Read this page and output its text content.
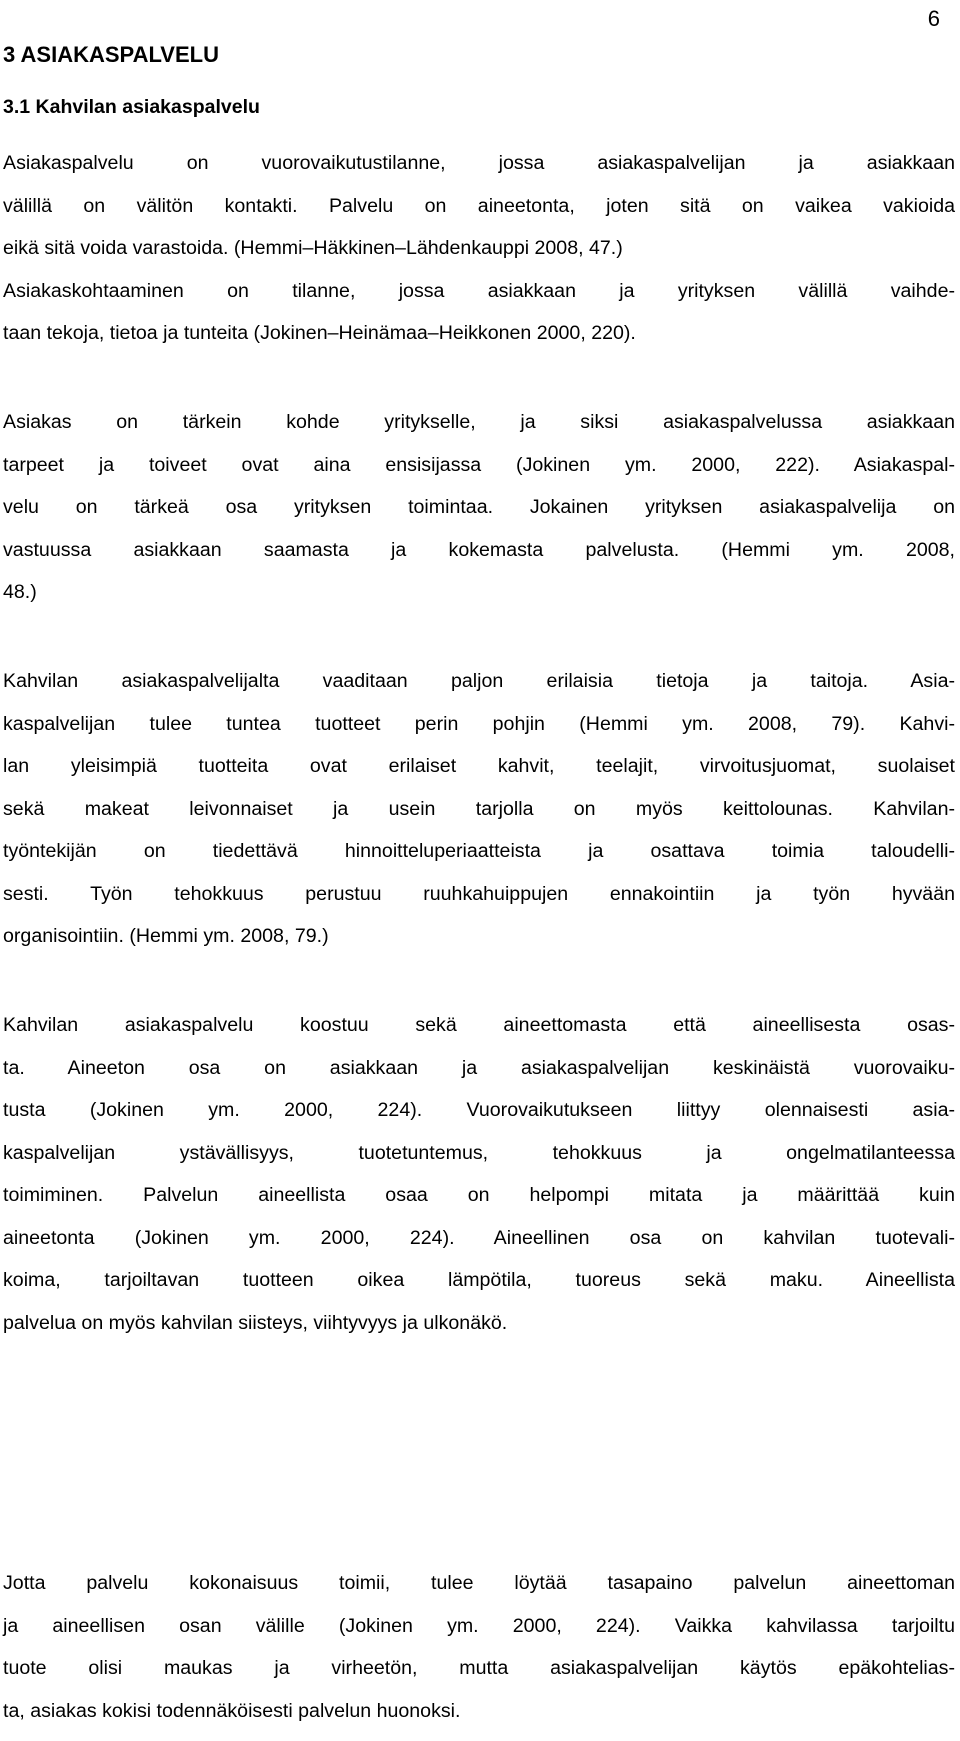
6
3 ASIAKASPALVELU
3.1 Kahvilan asiakaspalvelu

Asiakaspalvelu on vuorovaikutustilanne, jossa asiakaspalvelijan ja asiakkaan
välillä on välitön kontakti. Palvelu on aineetonta, joten sitä on vaikea vakioida
eikä sitä voida varastoida. (Hemmi–Häkkinen–Lähdenkauppi 2008, 47.)
Asiakaskohtaaminen on tilanne, jossa asiakkaan ja yrityksen välillä vaihde-
taan tekoja, tietoa ja tunteita (Jokinen–Heinämaa–Heikkonen 2000, 220).

Asiakas on tärkein kohde yritykselle, ja siksi asiakaspalvelussa asiakkaan
tarpeet ja toiveet ovat aina ensisijassa (Jokinen ym. 2000, 222). Asiakaspal-
velu on tärkeä osa yrityksen toimintaa. Jokainen yrityksen asiakaspalvelija on
vastuussa asiakkaan saamasta ja kokemasta palvelusta. (Hemmi ym. 2008,
48.)

Kahvilan asiakaspalvelijalta vaaditaan paljon erilaisia tietoja ja taitoja. Asia-
kaspalvelijan tulee tuntea tuotteet perin pohjin (Hemmi ym. 2008, 79). Kahvi-
lan yleisimpiä tuotteita ovat erilaiset kahvit, teelajit, virvoitusjuomat, suolaiset
sekä makeat leivonnaiset ja usein tarjolla on myös keittolounas. Kahvilan-
työntekijän on tiedettävä hinnoitteluperiaatteista ja osattava toimia taloudelli-
sesti. Työn tehokkuus perustuu ruuhkahuippujen ennakointiin ja työn hyvään
organisointiin. (Hemmi ym. 2008, 79.)

Kahvilan asiakaspalvelu koostuu sekä aineettomasta että aineellisesta osas-
ta. Aineeton osa on asiakkaan ja asiakaspalvelijan keskinäistä vuorovaiku-
tusta (Jokinen ym. 2000, 224). Vuorovaikutukseen liittyy olennaisesti asia-
kaspalvelijan ystävällisyys, tuotetuntemus, tehokkuus ja ongelmatilanteessa
toimiminen. Palvelun aineellista osaa on helpompi mitata ja määrittää kuin
aineetonta (Jokinen ym. 2000, 224). Aineellinen osa on kahvilan tuotevali-
koima, tarjoiltavan tuotteen oikea lämpötila, tuoreus sekä maku. Aineellista
palvelua on myös kahvilan siisteys, viihtyvyys ja ulkonäkö.

Jotta palvelu kokonaisuus toimii, tulee löytää tasapaino palvelun aineettoman
ja aineellisen osan välille (Jokinen ym. 2000, 224). Vaikka kahvilassa tarjoiltu
tuote olisi maukas ja virheetön, mutta asiakaspalvelijan käytös epäkohtelias-
ta, asiakas kokisi todennäköisesti palvelun huonoksi.
